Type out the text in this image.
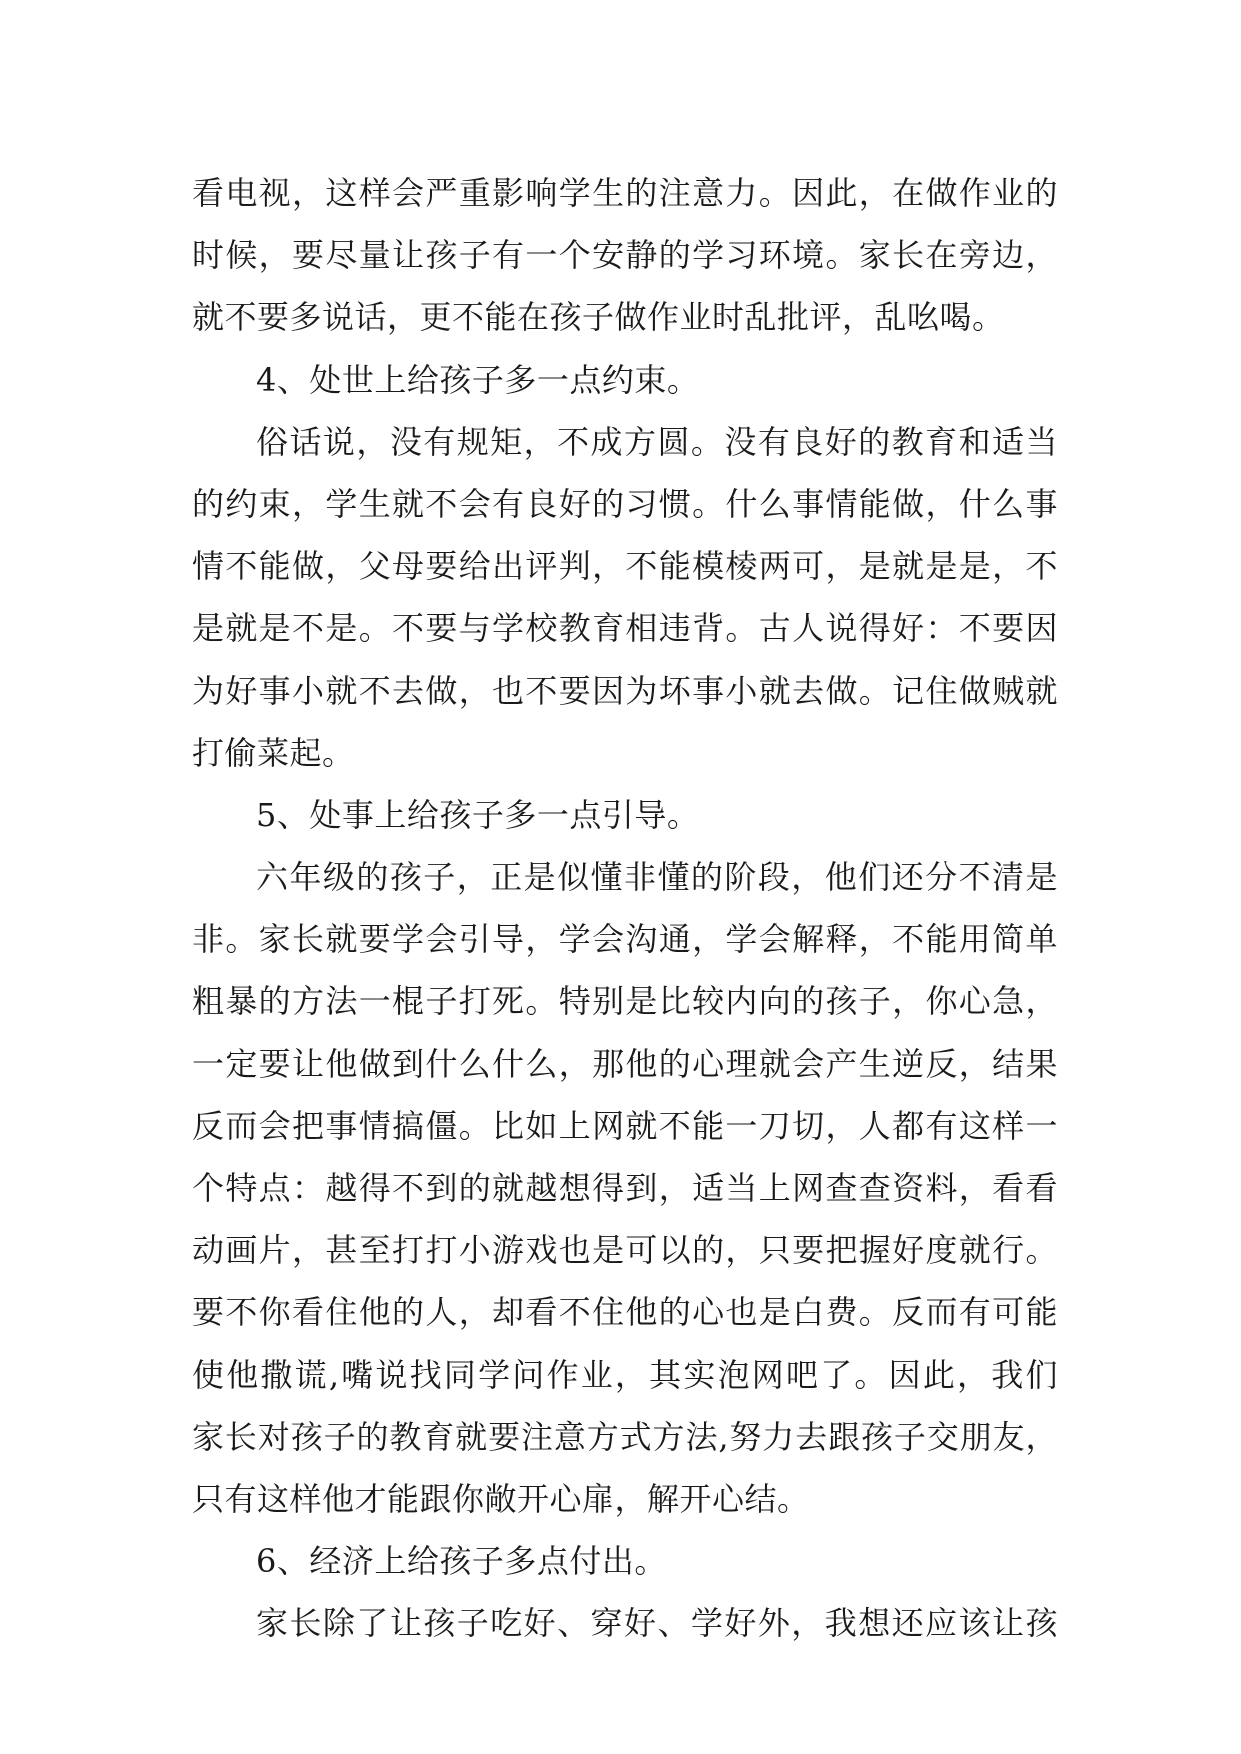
看电视，这样会严重影响学生的注意力。因此，在做作业的
时候，要尽量让孩子有一个安静的学习环境。家长在旁边，
就不要多说话，更不能在孩子做作业时乱批评，乱吆喝。
4、处世上给孩子多一点约束。
俗话说，没有规矩，不成方圆。没有良好的教育和适当
的约束，学生就不会有良好的习惯。什么事情能做，什么事
情不能做，父母要给出评判，不能模棱两可，是就是是，不
是就是不是。不要与学校教育相违背。古人说得好：不要因
为好事小就不去做，也不要因为坏事小就去做。记住做贼就
打偷菜起。
5、处事上给孩子多一点引导。
六年级的孩子，正是似懂非懂的阶段，他们还分不清是
非。家长就要学会引导，学会沟通，学会解释，不能用简单
粗暴的方法一棍子打死。特别是比较内向的孩子，你心急，
一定要让他做到什么什么，那他的心理就会产生逆反，结果
反而会把事情搞僵。比如上网就不能一刀切，人都有这样一
个特点：越得不到的就越想得到，适当上网查查资料，看看
动画片，甚至打打小游戏也是可以的，只要把握好度就行。
要不你看住他的人，却看不住他的心也是白费。反而有可能
使他撒谎,嘴说找同学问作业，其实泡网吧了。因此，我们
家长对孩子的教育就要注意方式方法,努力去跟孩子交朋友，
只有这样他才能跟你敞开心扉，解开心结。
6、经济上给孩子多点付出。
家长除了让孩子吃好、穿好、学好外，我想还应该让孩
